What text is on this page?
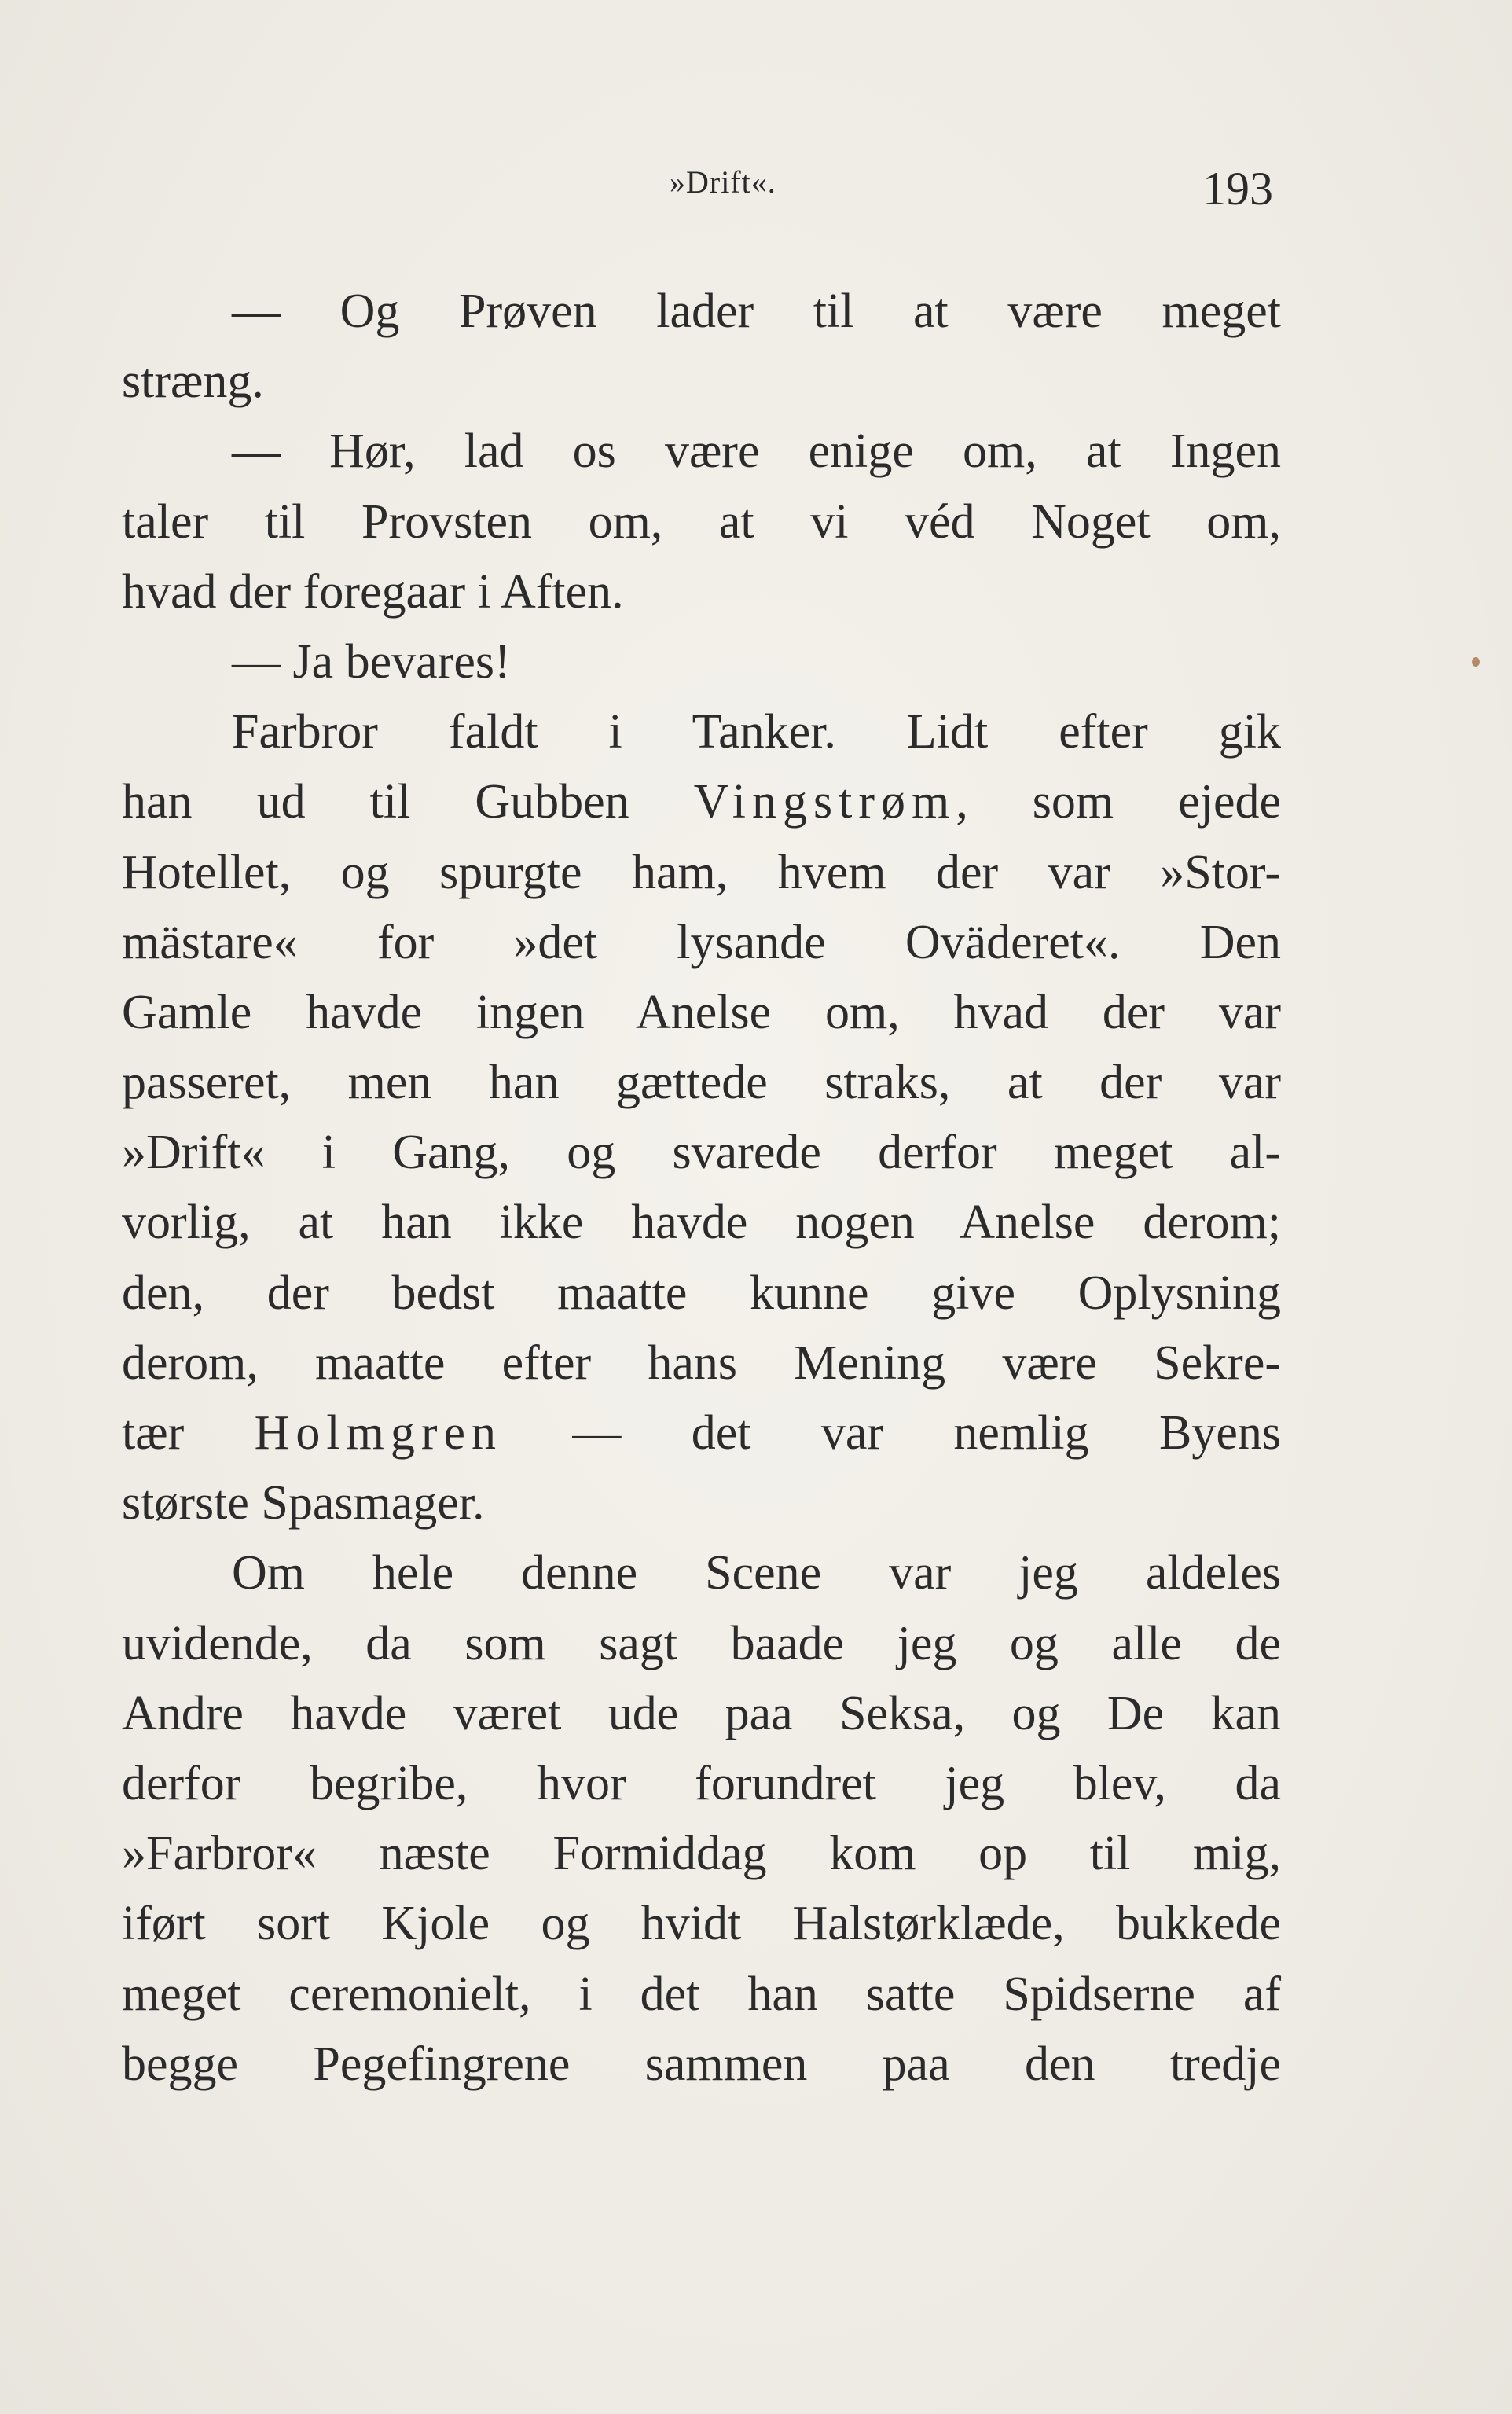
»Drift«.	193
— Og Prøven lader til at være meget
stræng.
— Hør, lad os være enige om, at Ingen
taler til Provsten om, at vi véd Noget om,
hvad der foregaar i Aften.
— Ja bevares!
Farbror faldt i Tanker. Lidt efter gik
han ud til Gubben Vingstrøm, som ejede
Hotellet, og spurgte ham, hvem der var »Stor-
mästare« for »det lysande Oväderet«. Den
Gamle havde ingen Anelse om, hvad der var
passeret, men han gættede straks, at der var
»Drift« i Gang, og svarede derfor meget al-
vorlig, at han ikke havde nogen Anelse derom;
den, der bedst maatte kunne give Oplysning
derom, maatte efter hans Mening være Sekre-
tær Holmgren — det var nemlig Byens
største Spasmager.
Om hele denne Scene var jeg aldeles
uvidende, da som sagt baade jeg og alle de
Andre havde været ude paa Seksa, og De kan
derfor begribe, hvor forundret jeg blev, da
»Farbror« næste Formiddag kom op til mig,
iført sort Kjole og hvidt Halstørklæde, bukkede
meget ceremonielt, i det han satte Spidserne af
begge Pegefingrene sammen paa den tredje
